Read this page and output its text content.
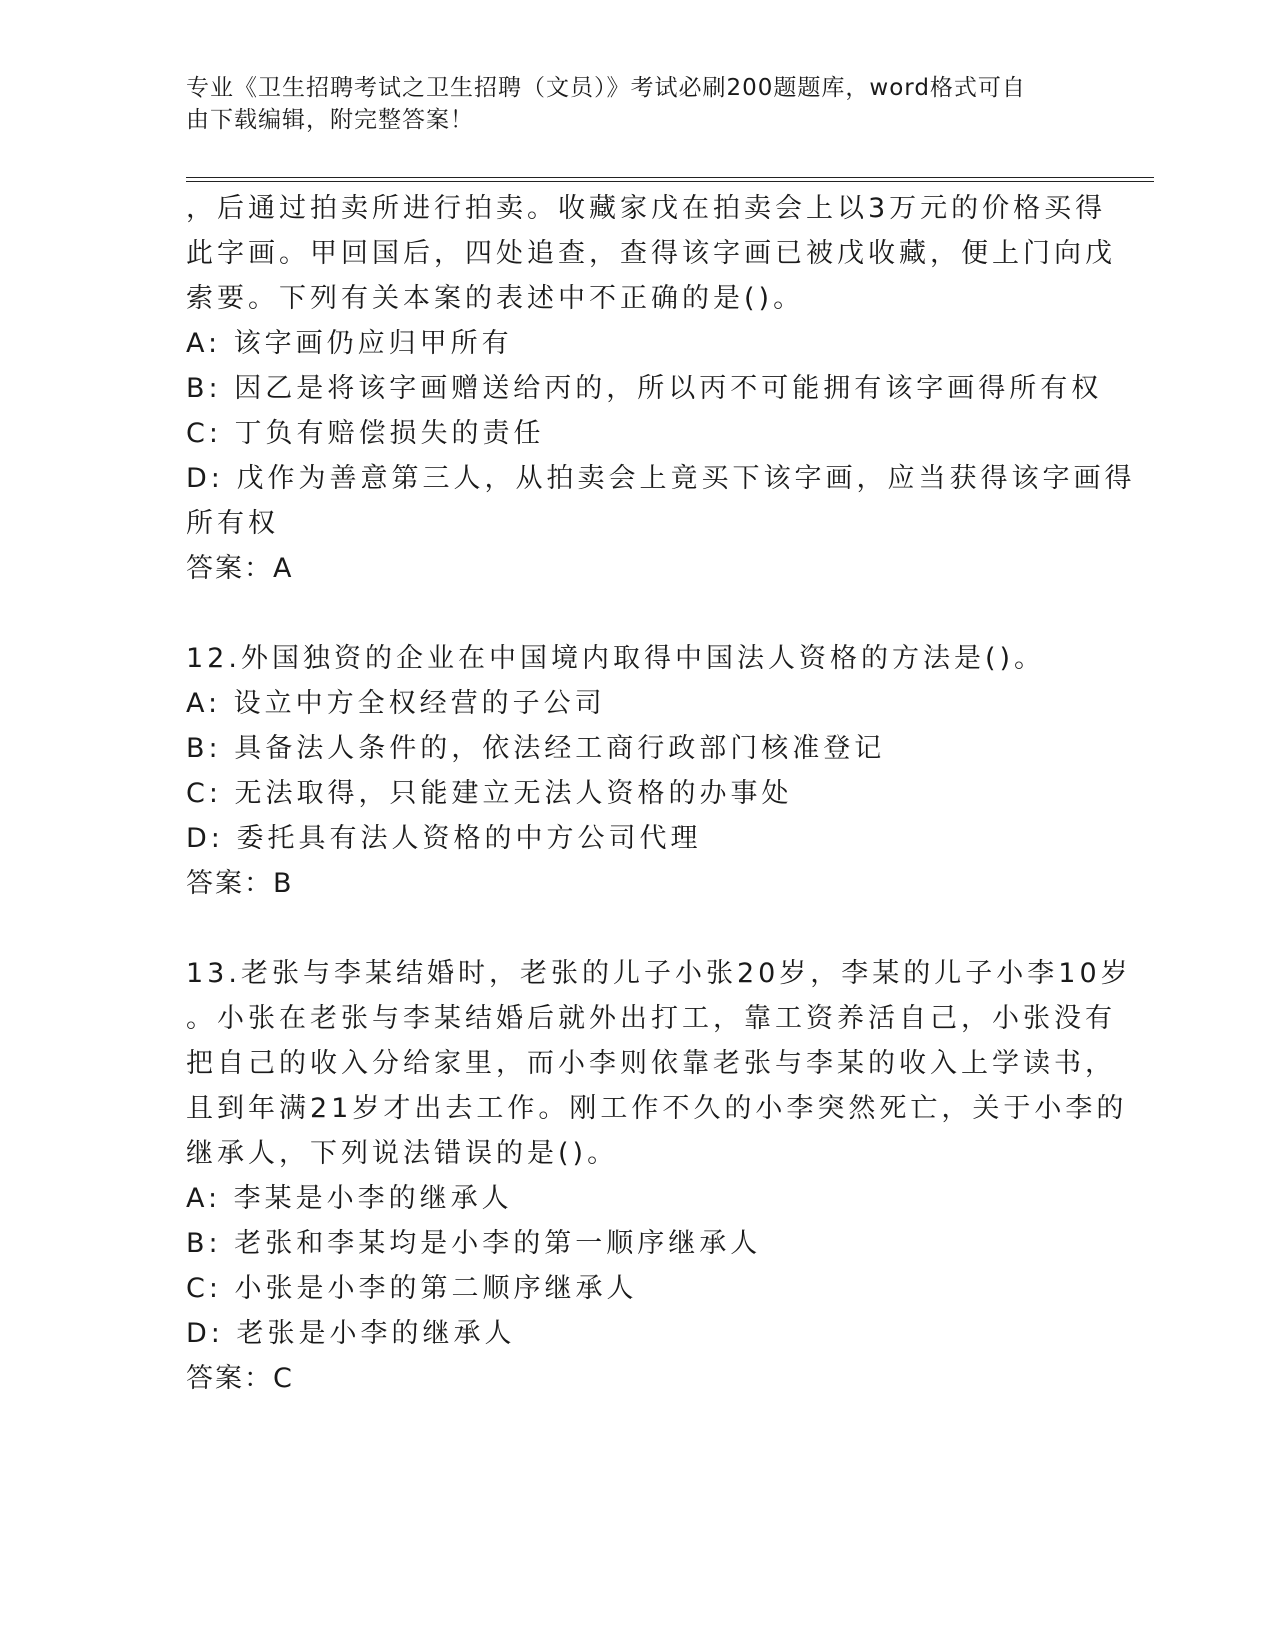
专业《卫生招聘考试之卫生招聘（文员）》考试必刷200题题库，word格式可自
由下载编辑，附完整答案！
，后通过拍卖所进行拍卖。收藏家戊在拍卖会上以3万元的价格买得
此字画。甲回国后，四处追查，查得该字画已被戊收藏，便上门向戊
索要。下列有关本案的表述中不正确的是()。
A: 该字画仍应归甲所有
B: 因乙是将该字画赠送给丙的，所以丙不可能拥有该字画得所有权
C: 丁负有赔偿损失的责任
D: 戊作为善意第三人，从拍卖会上竟买下该字画，应当获得该字画得
所有权
答案：A
12.外国独资的企业在中国境内取得中国法人资格的方法是()。
A: 设立中方全权经营的子公司
B: 具备法人条件的，依法经工商行政部门核准登记
C: 无法取得，只能建立无法人资格的办事处
D: 委托具有法人资格的中方公司代理
答案：B
13.老张与李某结婚时，老张的儿子小张20岁，李某的儿子小李10岁
。小张在老张与李某结婚后就外出打工，靠工资养活自己，小张没有
把自己的收入分给家里，而小李则依靠老张与李某的收入上学读书，
且到年满21岁才出去工作。刚工作不久的小李突然死亡，关于小李的
继承人，下列说法错误的是()。
A: 李某是小李的继承人
B: 老张和李某均是小李的第一顺序继承人
C: 小张是小李的第二顺序继承人
D: 老张是小李的继承人
答案：C
